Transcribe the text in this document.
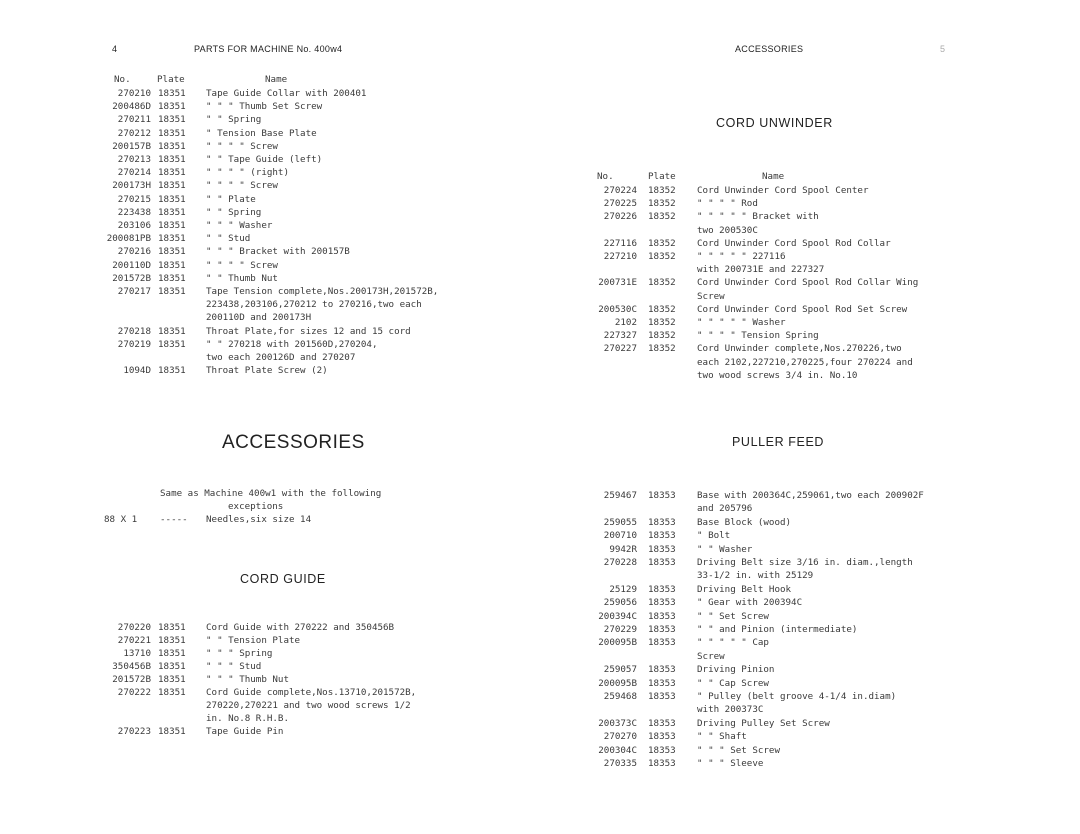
4	PARTS FOR MACHINE No. 400w4	ACCESSORIES	5
No.	Plate	Name
270210 18351 Tape Guide Collar with 200401
200486D 18351 " " " Thumb Set Screw
270211 18351 " " Spring
270212 18351 " Tension Base Plate
200157B 18351 " " " " Screw
270213 18351 " " Tape Guide (left)
270214 18351 " " " " (right)
200173H 18351 " " " " Screw
270215 18351 " " Plate
223438 18351 " " Spring
203106 18351 " " " Washer
200081PB 18351 " " Stud
270216 18351 " " " Bracket with 200157B
200110D 18351 " " " " Screw
201572B 18351 " " Thumb Nut
270217 18351 Tape Tension complete,Nos.200173H,201572B,
223438,203106,270212 to 270216,two each
200110D and 200173H
270218 18351 Throat Plate,for sizes 12 and 15 cord
270219 18351 " " 270218 with 201560D,270204,
two each 200126D and 270207
1094D 18351 Throat Plate Screw (2)
ACCESSORIES
Same as Machine 400w1 with the following
exceptions
88 X 1 ----- Needles,six size 14
CORD GUIDE
270220 18351 Cord Guide with 270222 and 350456B
270221 18351 " " Tension Plate
13710 18351 " " " Spring
350456B 18351 " " " Stud
201572B 18351 " " " Thumb Nut
270222 18351 Cord Guide complete,Nos.13710,201572B,
270220,270221 and two wood screws 1/2
in. No.8 R.H.B.
270223 18351 Tape Guide Pin
CORD UNWINDER
No.	Plate	Name
270224 18352 Cord Unwinder Cord Spool Center
270225 18352 " " " " Rod
270226 18352 " " " " " Bracket with
two 200530C
227116 18352 Cord Unwinder Cord Spool Rod Collar
227210 18352 " " " " " 227116
with 200731E and 227327
200731E 18352 Cord Unwinder Cord Spool Rod Collar Wing
Screw
200530C 18352 Cord Unwinder Cord Spool Rod Set Screw
2102 18352 " " " " " Washer
227327 18352 " " " " Tension Spring
270227 18352 Cord Unwinder complete,Nos.270226,two
each 2102,227210,270225,four 270224 and
two wood screws 3/4 in. No.10
PULLER FEED
259467 18353 Base with 200364C,259061,two each 200902F
and 205796
259055 18353 Base Block (wood)
200710 18353 " Bolt
9942R 18353 " " Washer
270228 18353 Driving Belt size 3/16 in. diam.,length
33-1/2 in. with 25129
25129 18353 Driving Belt Hook
259056 18353 " Gear with 200394C
200394C 18353 " " Set Screw
270229 18353 " " and Pinion (intermediate)
200095B 18353 " " " " " Cap
Screw
259057 18353 Driving Pinion
200095B 18353 " " Cap Screw
259468 18353 " Pulley (belt groove 4-1/4 in.diam)
with 200373C
200373C 18353 Driving Pulley Set Screw
270270 18353 " " Shaft
200304C 18353 " " " Set Screw
270335 18353 " " " Sleeve
